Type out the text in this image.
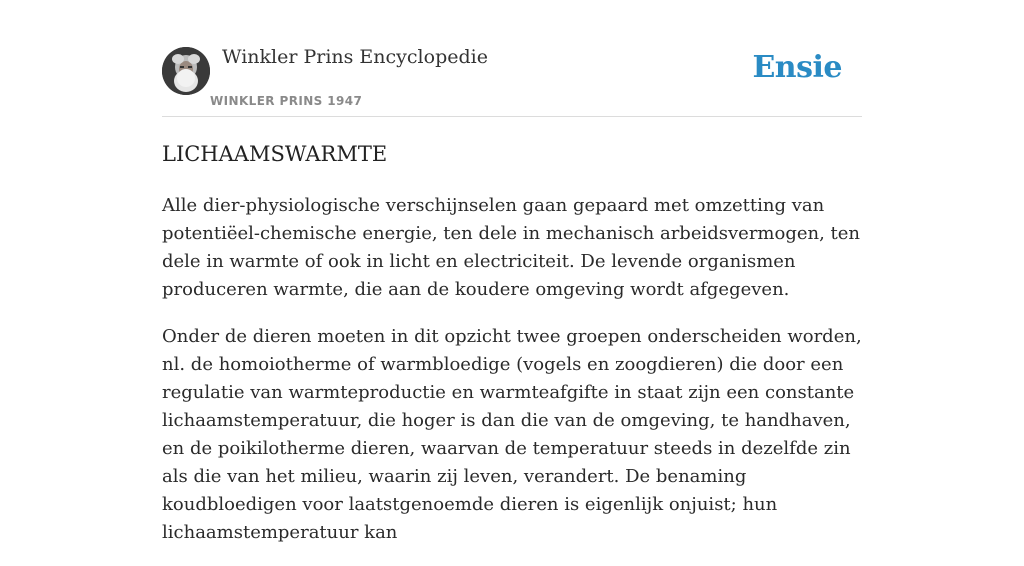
Winkler Prins Encyclopedie
WINKLER PRINS 1947
Ensie
LICHAAMSWARMTE

Alle dier-physiologische verschijnselen gaan gepaard met omzetting van potentiëel-chemische energie, ten dele in mechanisch arbeidsvermogen, ten dele in warmte of ook in licht en electriciteit. De levende organismen produceren warmte, die aan de koudere omgeving wordt afgegeven.

Onder de dieren moeten in dit opzicht twee groepen onderscheiden worden, nl. de homoiotherme of warmbloedige (vogels en zoogdieren) die door een regulatie van warmteproductie en warmteafgifte in staat zijn een constante lichaamstemperatuur, die hoger is dan die van de omgeving, te handhaven, en de poikilotherme dieren, waarvan de temperatuur steeds in dezelfde zin als die van het milieu, waarin zij leven, verandert. De benaming koudbloedigen voor laatstgenoemde dieren is eigenlijk onjuist; hun lichaamstemperatuur kan
